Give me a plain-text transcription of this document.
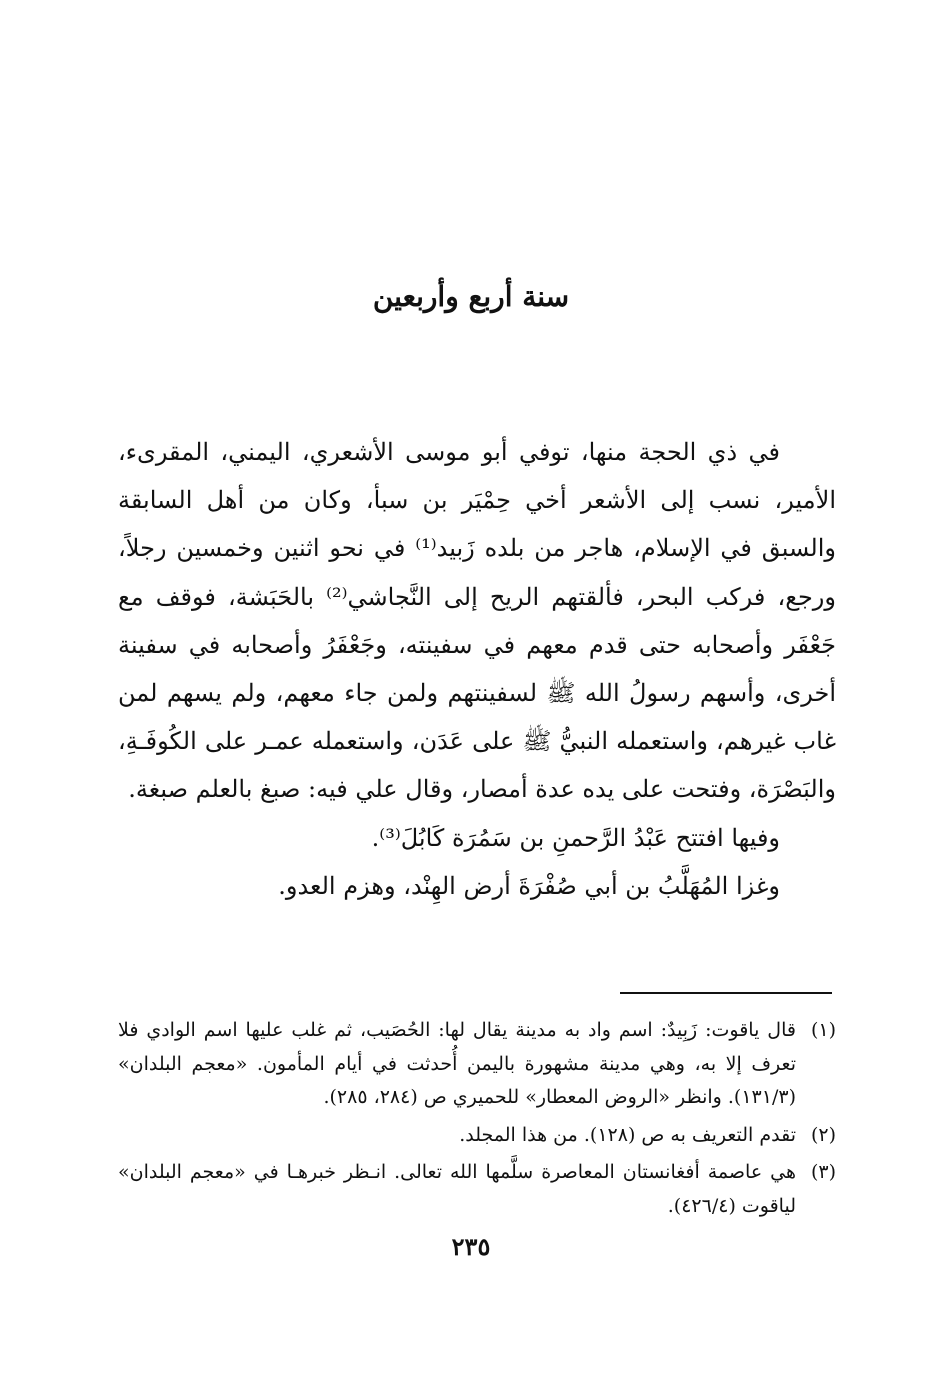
سنة أربع وأربعين

في ذي الحجة منها، توفي أبو موسى الأشعري، اليمني، المقرىء، الأمير، نسب إلى الأشعر أخي حِمْيَر بن سبأ، وكان من أهل السابقة والسبق في الإسلام، هاجر من بلده زَبيد⁽¹⁾ في نحو اثنين وخمسين رجلاً، ورجع، فركب البحر، فألقتهم الريح إلى النَّجاشي⁽²⁾ بالحَبَشة، فوقف مع جَعْفَر وأصحابه حتى قدم معهم في سفينته، وجَعْفَرُ وأصحابه في سفينة أخرى، وأسهم رسولُ الله ﷺ لسفينتهم ولمن جاء معهم، ولم يسهم لمن غاب غيرهم، واستعمله النبيُّ ﷺ على عَدَن، واستعمله عمـر على الكُوفَـةِ، والبَصْرَة، وفتحت على يده عدة أمصار، وقال علي فيه: صبغ بالعلم صبغة.

وفيها افتتح عَبْدُ الرَّحمنِ بن سَمُرَة كَابُلَ⁽³⁾.

وغزا المُهَلَّبُ بن أبي صُفْرَةَ أرض الهِنْد، وهزم العدو.

(١)
قال ياقوت: زَبِيدٌ: اسم واد به مدينة يقال لها: الحُصَيب، ثم غلب عليها اسم الوادي فلا تعرف إلا به، وهي مدينة مشهورة باليمن أُحدثت في أيام المأمون. «معجم البلدان» (١٣١/٣). وانظر «الروض المعطار» للحميري ص (٢٨٤، ٢٨٥).
(٢)
تقدم التعريف به ص (١٢٨). من هذا المجلد.
(٣)
هي عاصمة أفغانستان المعاصرة سلَّمها الله تعالى. انـظر خبرهـا في «معجم البلدان» لياقوت (٤٢٦/٤).
٢٣٥
